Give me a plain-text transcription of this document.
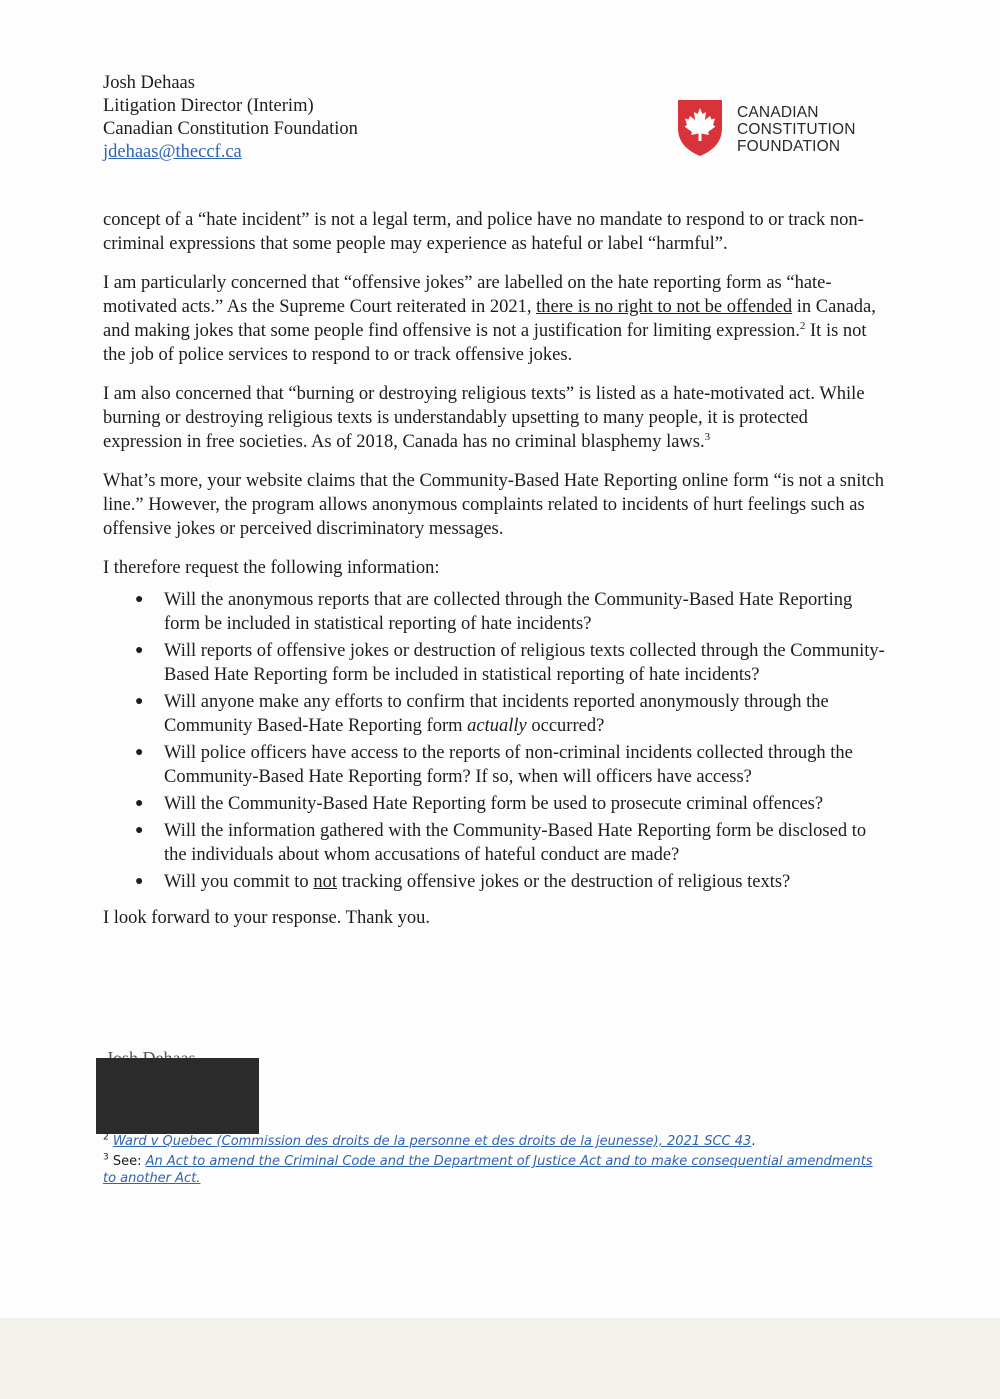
Josh Dehaas
Litigation Director (Interim)
Canadian Constitution Foundation
jdehaas@theccf.ca
CANADIAN
CONSTITUTION
FOUNDATION

concept of a “hate incident” is not a legal term, and police have no mandate to respond to or track non-criminal expressions that some people may experience as hateful or label “harmful”.

I am particularly concerned that “offensive jokes” are labelled on the hate reporting form as “hate-motivated acts.” As the Supreme Court reiterated in 2021, there is no right to not be offended in Canada, and making jokes that some people find offensive is not a justification for limiting expression.$^2$ It is not the job of police services to respond to or track offensive jokes.

I am also concerned that “burning or destroying religious texts” is listed as a hate-motivated act. While burning or destroying religious texts is understandably upsetting to many people, it is protected expression in free societies. As of 2018, Canada has no criminal blasphemy laws.$^3$

What’s more, your website claims that the Community-Based Hate Reporting online form “is not a snitch line.” However, the program allows anonymous complaints related to incidents of hurt feelings such as offensive jokes or perceived discriminatory messages.

I therefore request the following information:

● Will the anonymous reports that are collected through the Community-Based Hate Reporting form be included in statistical reporting of hate incidents?
● Will reports of offensive jokes or destruction of religious texts collected through the Community-Based Hate Reporting form be included in statistical reporting of hate incidents?
● Will anyone make any efforts to confirm that incidents reported anonymously through the Community Based-Hate Reporting form actually occurred?
● Will police officers have access to the reports of non-criminal incidents collected through the Community-Based Hate Reporting form? If so, when will officers have access?
● Will the Community-Based Hate Reporting form be used to prosecute criminal offences?
● Will the information gathered with the Community-Based Hate Reporting form be disclosed to the individuals about whom accusations of hateful conduct are made?
● Will you commit to not tracking offensive jokes or the destruction of religious texts?

I look forward to your response. Thank you.

$^2$ Ward v Quebec (Commission des droits de la personne et des droits de la jeunesse), 2021 SCC 43.
$^3$ See: An Act to amend the Criminal Code and the Department of Justice Act and to make consequential amendments to another Act.
